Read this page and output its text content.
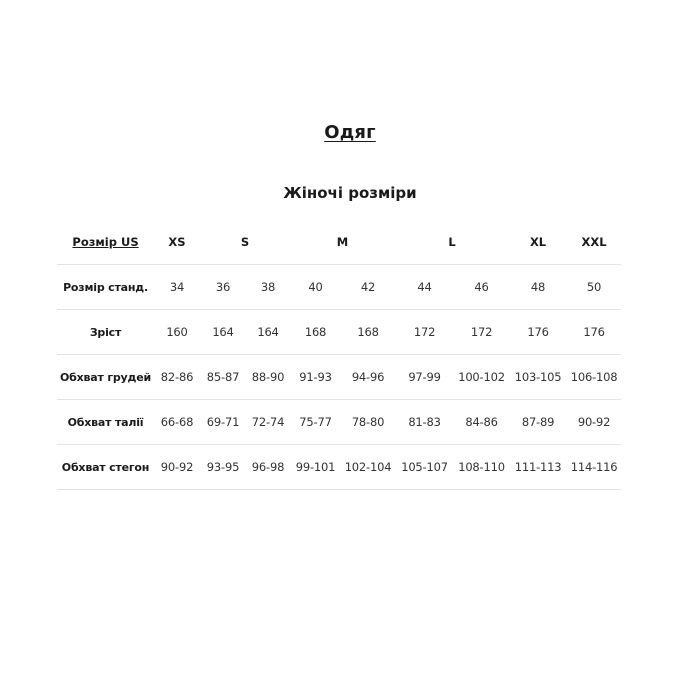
Одяг
Жіночі розміри
Розмір US	XS	S		M		L		XL	XXL
Розмір станд.	34	36	38	40	42	44	46	48	50
Зріст	160	164	164	168	168	172	172	176	176
Обхват грудей	82-86	85-87	88-90	91-93	94-96	97-99	100-102	103-105	106-108
Обхват талії	66-68	69-71	72-74	75-77	78-80	81-83	84-86	87-89	90-92
Обхват стегон	90-92	93-95	96-98	99-101	102-104	105-107	108-110	111-113	114-116
